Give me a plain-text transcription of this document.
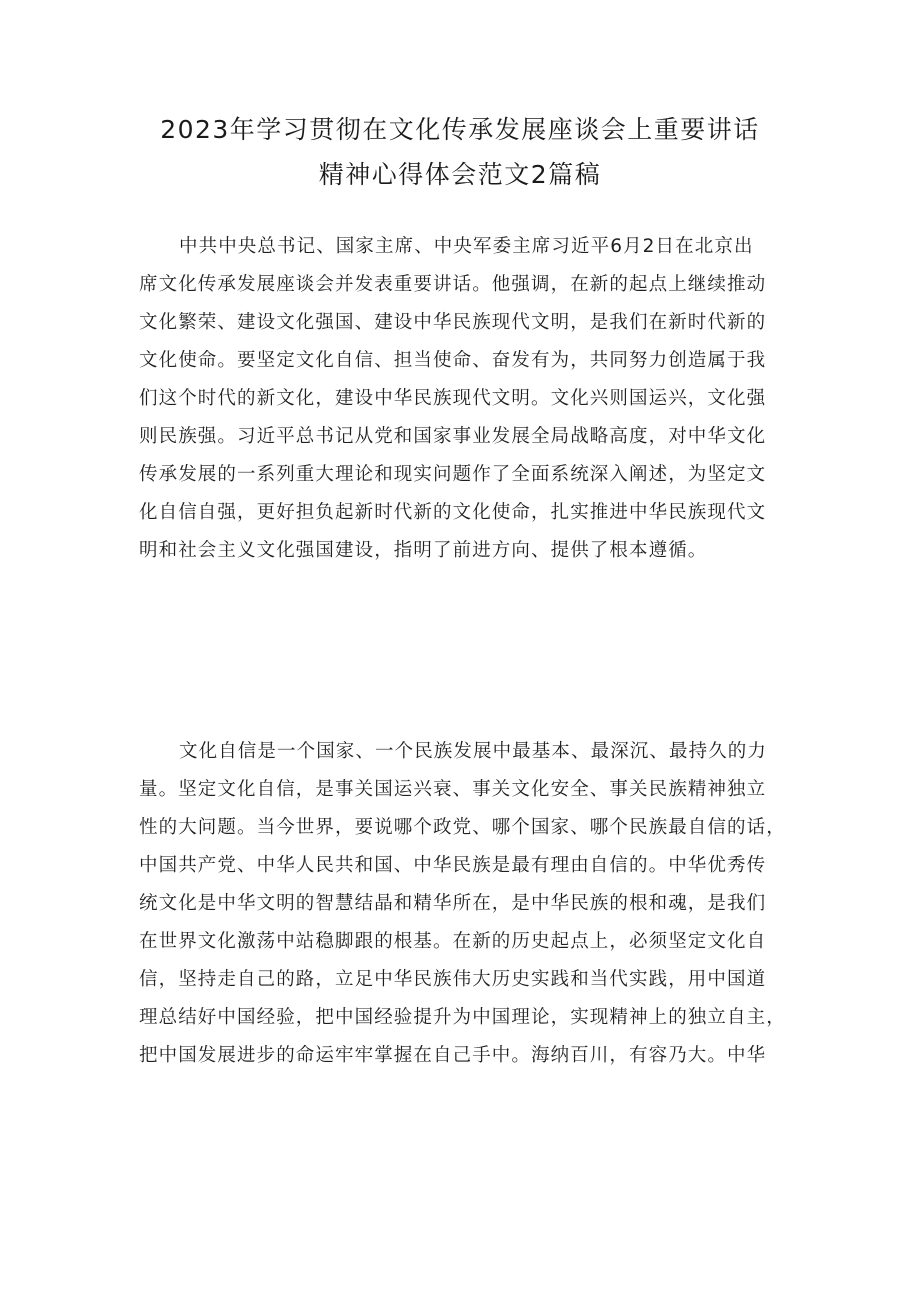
2023年学习贯彻在文化传承发展座谈会上重要讲话
精神心得体会范文2篇稿
中共中央总书记、国家主席、中央军委主席习近平6月2日在北京出
席文化传承发展座谈会并发表重要讲话。他强调，在新的起点上继续推动
文化繁荣、建设文化强国、建设中华民族现代文明，是我们在新时代新的
文化使命。要坚定文化自信、担当使命、奋发有为，共同努力创造属于我
们这个时代的新文化，建设中华民族现代文明。文化兴则国运兴，文化强
则民族强。习近平总书记从党和国家事业发展全局战略高度，对中华文化
传承发展的一系列重大理论和现实问题作了全面系统深入阐述，为坚定文
化自信自强，更好担负起新时代新的文化使命，扎实推进中华民族现代文
明和社会主义文化强国建设，指明了前进方向、提供了根本遵循。
文化自信是一个国家、一个民族发展中最基本、最深沉、最持久的力
量。坚定文化自信，是事关国运兴衰、事关文化安全、事关民族精神独立
性的大问题。当今世界，要说哪个政党、哪个国家、哪个民族最自信的话，
中国共产党、中华人民共和国、中华民族是最有理由自信的。中华优秀传
统文化是中华文明的智慧结晶和精华所在，是中华民族的根和魂，是我们
在世界文化激荡中站稳脚跟的根基。在新的历史起点上，必须坚定文化自
信，坚持走自己的路，立足中华民族伟大历史实践和当代实践，用中国道
理总结好中国经验，把中国经验提升为中国理论，实现精神上的独立自主，
把中国发展进步的命运牢牢掌握在自己手中。海纳百川，有容乃大。中华
